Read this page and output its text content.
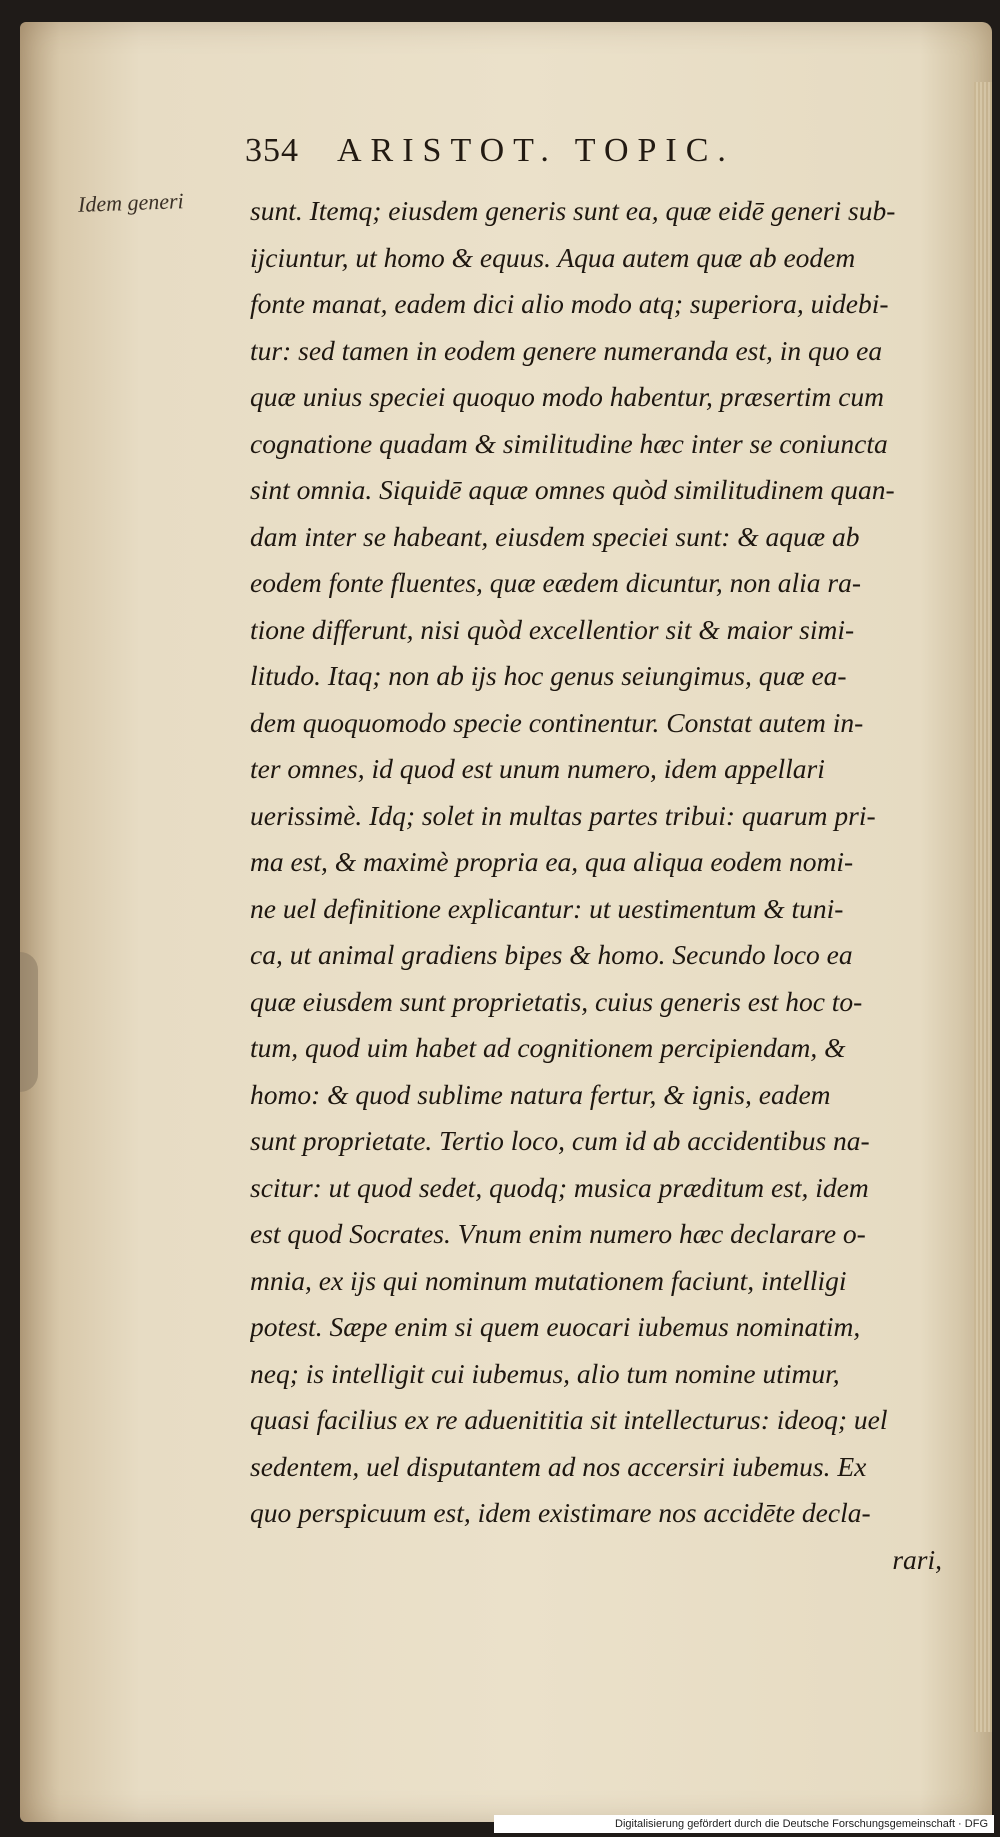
354 ARISTOT. TOPIC.
Idem generi sunt. Itemq; eiusdem generis sunt ea, quæ eidē generi sub-
ijciuntur, ut homo & equus. Aqua autem quæ ab eodem
fonte manat, eadem dici alio modo atq; superiora, uidebi-
tur: sed tamen in eodem genere numeranda est, in quo ea
quæ unius speciei quoquo modo habentur, præsertim cum
cognatione quadam & similitudine hæc inter se coniuncta
sint omnia. Siquidē aquæ omnes quòd similitudinem quan-
dam inter se habeant, eiusdem speciei sunt: & aquæ ab
eodem fonte fluentes, quæ eædem dicuntur, non alia ra-
tione differunt, nisi quòd excellentior sit & maior simi-
litudo. Itaq; non ab ijs hoc genus seiungimus, quæ ea-
dem quoquomodo specie continentur. Constat autem in-
ter omnes, id quod est unum numero, idem appellari
uerissimè. Idq; solet in multas partes tribui: quarum pri-
ma est, & maximè propria ea, qua aliqua eodem nomi-
ne uel definitione explicantur: ut uestimentum & tuni-
ca, ut animal gradiens bipes & homo. Secundo loco ea
quæ eiusdem sunt proprietatis, cuius generis est hoc to-
tum, quod uim habet ad cognitionem percipiendam, &
homo: & quod sublime natura fertur, & ignis, eadem
sunt proprietate. Tertio loco, cum id ab accidentibus na-
scitur: ut quod sedet, quodq; musica præditum est, idem
est quod Socrates. Vnum enim numero hæc declarare o-
mnia, ex ijs qui nominum mutationem faciunt, intelligi
potest. Sæpe enim si quem euocari iubemus nominatim,
neq; is intelligit cui iubemus, alio tum nomine utimur,
quasi facilius ex re aduenititia sit intellecturus: ideoq; uel
sedentem, uel disputantem ad nos accersiri iubemus. Ex
quo perspicuum est, idem existimare nos accidēte decla-
rari,
Digitalisierung gefördert durch die Deutsche Forschungsgemeinschaft · DFG
